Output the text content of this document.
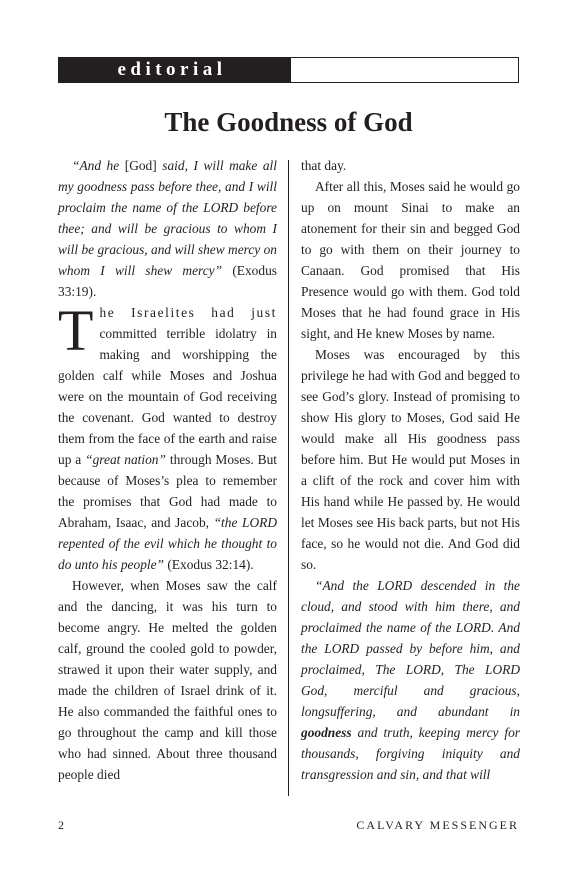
editorial
The Goodness of God

“And he [God] said, I will make all my goodness pass before thee, and I will proclaim the name of the LORD before thee; and will be gracious to whom I will be gracious, and will shew mercy on whom I will shew mercy” (Exodus 33:19).

The Israelites had just committed terrible idolatry in making and worshipping the golden calf while Moses and Joshua were on the mountain of God receiving the covenant. God wanted to destroy them from the face of the earth and raise up a “great nation” through Moses. But because of Moses’s plea to remember the promises that God had made to Abraham, Isaac, and Jacob, “the LORD repented of the evil which he thought to do unto his people” (Exodus 32:14).

However, when Moses saw the calf and the dancing, it was his turn to become angry. He melted the golden calf, ground the cooled gold to powder, strawed it upon their water supply, and made the children of Israel drink of it. He also commanded the faithful ones to go throughout the camp and kill those who had sinned. About three thousand people died

that day.

After all this, Moses said he would go up on mount Sinai to make an atonement for their sin and begged God to go with them on their journey to Canaan. God promised that His Presence would go with them. God told Moses that he had found grace in His sight, and He knew Moses by name.

Moses was encouraged by this privilege he had with God and begged to see God’s glory. Instead of promising to show His glory to Moses, God said He would make all His goodness pass before him. But He would put Moses in a clift of the rock and cover him with His hand while He passed by. He would let Moses see His back parts, but not His face, so he would not die. And God did so.

“And the LORD descended in the cloud, and stood with him there, and proclaimed the name of the LORD. And the LORD passed by before him, and proclaimed, The LORD, The LORD God, merciful and gracious, longsuffering, and abundant in goodness and truth, keeping mercy for thousands, forgiving iniquity and transgression and sin, and that will

2	CALVARY MESSENGER
